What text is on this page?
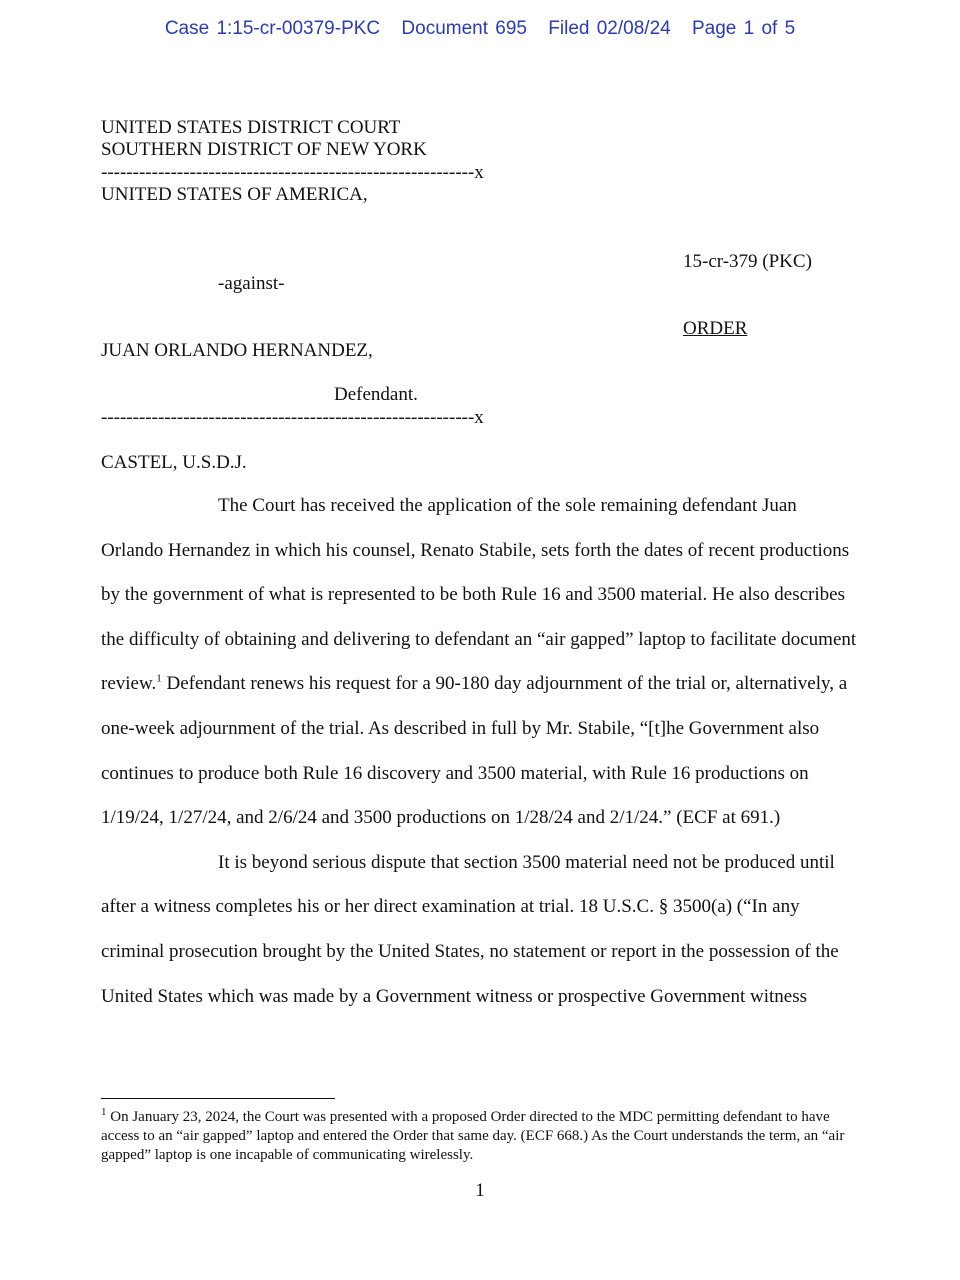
Case 1:15-cr-00379-PKC Document 695 Filed 02/08/24 Page 1 of 5
UNITED STATES DISTRICT COURT
SOUTHERN DISTRICT OF NEW YORK
-----------------------------------------------------------x
UNITED STATES OF AMERICA,
15-cr-379 (PKC)
-against-
ORDER
JUAN ORLANDO HERNANDEZ,
Defendant.
-----------------------------------------------------------x
CASTEL, U.S.D.J.

The Court has received the application of the sole remaining defendant Juan Orlando Hernandez in which his counsel, Renato Stabile, sets forth the dates of recent productions by the government of what is represented to be both Rule 16 and 3500 material. He also describes the difficulty of obtaining and delivering to defendant an “air gapped” laptop to facilitate document review.$^1$ Defendant renews his request for a 90-180 day adjournment of the trial or, alternatively, a one-week adjournment of the trial. As described in full by Mr. Stabile, “[t]he Government also continues to produce both Rule 16 discovery and 3500 material, with Rule 16 productions on 1/19/24, 1/27/24, and 2/6/24 and 3500 productions on 1/28/24 and 2/1/24.” (ECF at 691.)

It is beyond serious dispute that section 3500 material need not be produced until after a witness completes his or her direct examination at trial. 18 U.S.C. § 3500(a) (“In any criminal prosecution brought by the United States, no statement or report in the possession of the United States which was made by a Government witness or prospective Government witness

$^1$ On January 23, 2024, the Court was presented with a proposed Order directed to the MDC permitting defendant to have access to an “air gapped” laptop and entered the Order that same day. (ECF 668.) As the Court understands the term, an “air gapped” laptop is one incapable of communicating wirelessly.

1
